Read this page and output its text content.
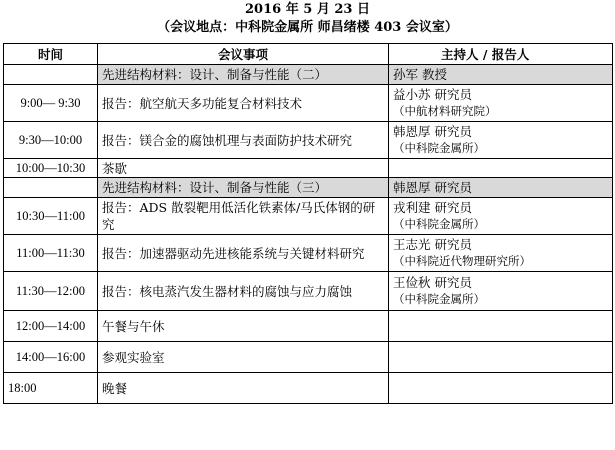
2016 年 5 月 23 日
（会议地点：中科院金属所 师昌绪楼 403 会议室）
时间	会议事项	主持人 / 报告人
	先进结构材料：设计、制备与性能（二）	孙军 教授
9:00— 9:30	报告：航空航天多功能复合材料技术	益小苏 研究员
（中航材料研究院）

9:30—10:00	报告：镁合金的腐蚀机理与表面防护技术研究	韩恩厚 研究员
（中科院金属所）

10:00—10:30	茶歇	
	先进结构材料：设计、制备与性能（三）	韩恩厚 研究员
10:30—11:00	报告：ADS 散裂靶用低活化铁素体/马氏体钢的研究	戎利建 研究员
（中科院金属所）

11:00—11:30	报告：加速器驱动先进核能系统与关键材料研究	王志光 研究员
（中科院近代物理研究所）

11:30—12:00	报告：核电蒸汽发生器材料的腐蚀与应力腐蚀	王俭秋 研究员
（中科院金属所）

12:00—14:00	午餐与午休	
14:00—16:00	参观实验室	
18:00	晚餐	
